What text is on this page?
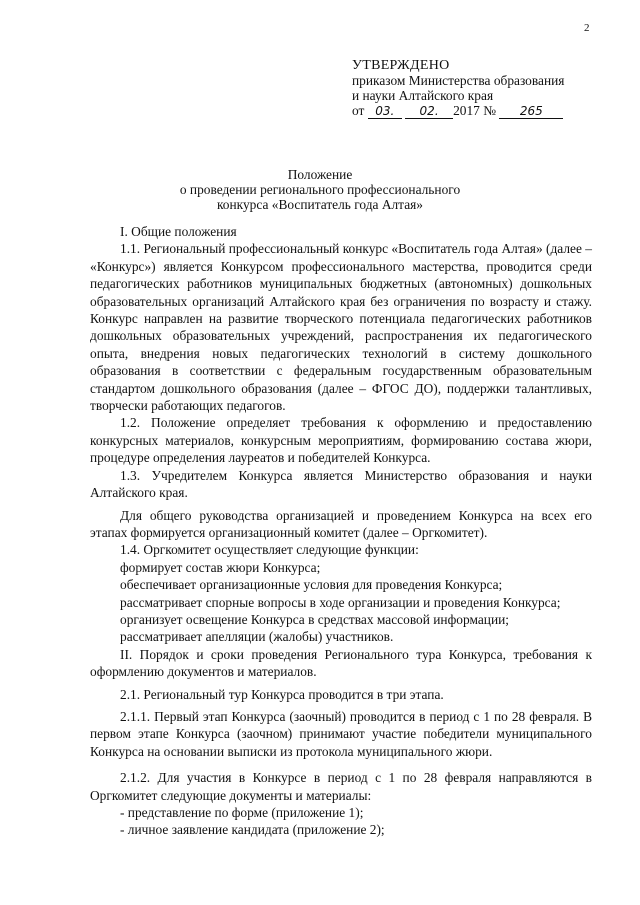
2
УТВЕРЖДЕНО
приказом Министерства образования
и науки Алтайского края
от 03. 02. 2017 № 265
Положение
о проведении регионального профессионального
конкурса «Воспитатель года Алтая»

I. Общие положения

1.1. Региональный профессиональный конкурс «Воспитатель года Алтая» (далее – «Конкурс») является Конкурсом профессионального мастерства, проводится среди педагогических работников муниципальных бюджетных (автономных) дошкольных образовательных организаций Алтайского края без ограничения по возрасту и стажу. Конкурс направлен на развитие творческого потенциала педагогических работников дошкольных образовательных учреждений, распространения их педагогического опыта, внедрения новых педагогических технологий в систему дошкольного образования в соответствии с федеральным государственным образовательным стандартом дошкольного образования (далее – ФГОС ДО), поддержки талантливых, творчески работающих педагогов.

1.2. Положение определяет требования к оформлению и предоставлению конкурсных материалов, конкурсным мероприятиям, формированию состава жюри, процедуре определения лауреатов и победителей Конкурса.

1.3. Учредителем Конкурса является Министерство образования и науки Алтайского края.

Для общего руководства организацией и проведением Конкурса на всех его этапах формируется организационный комитет (далее – Оргкомитет).

1.4. Оргкомитет осуществляет следующие функции:

формирует состав жюри Конкурса;

обеспечивает организационные условия для проведения Конкурса;

рассматривает спорные вопросы в ходе организации и проведения Конкурса;

организует освещение Конкурса в средствах массовой информации;

рассматривает апелляции (жалобы) участников.

II. Порядок и сроки проведения Регионального тура Конкурса, требования к оформлению документов и материалов.

2.1. Региональный тур Конкурса проводится в три этапа.

2.1.1. Первый этап Конкурса (заочный) проводится в период с 1 по 28 февраля. В первом этапе Конкурса (заочном) принимают участие победители муниципального Конкурса на основании выписки из протокола муниципального жюри.

2.1.2. Для участия в Конкурсе в период с 1 по 28 февраля направляются в Оргкомитет следующие документы и материалы:

- представление по форме (приложение 1);

- личное заявление кандидата (приложение 2);
